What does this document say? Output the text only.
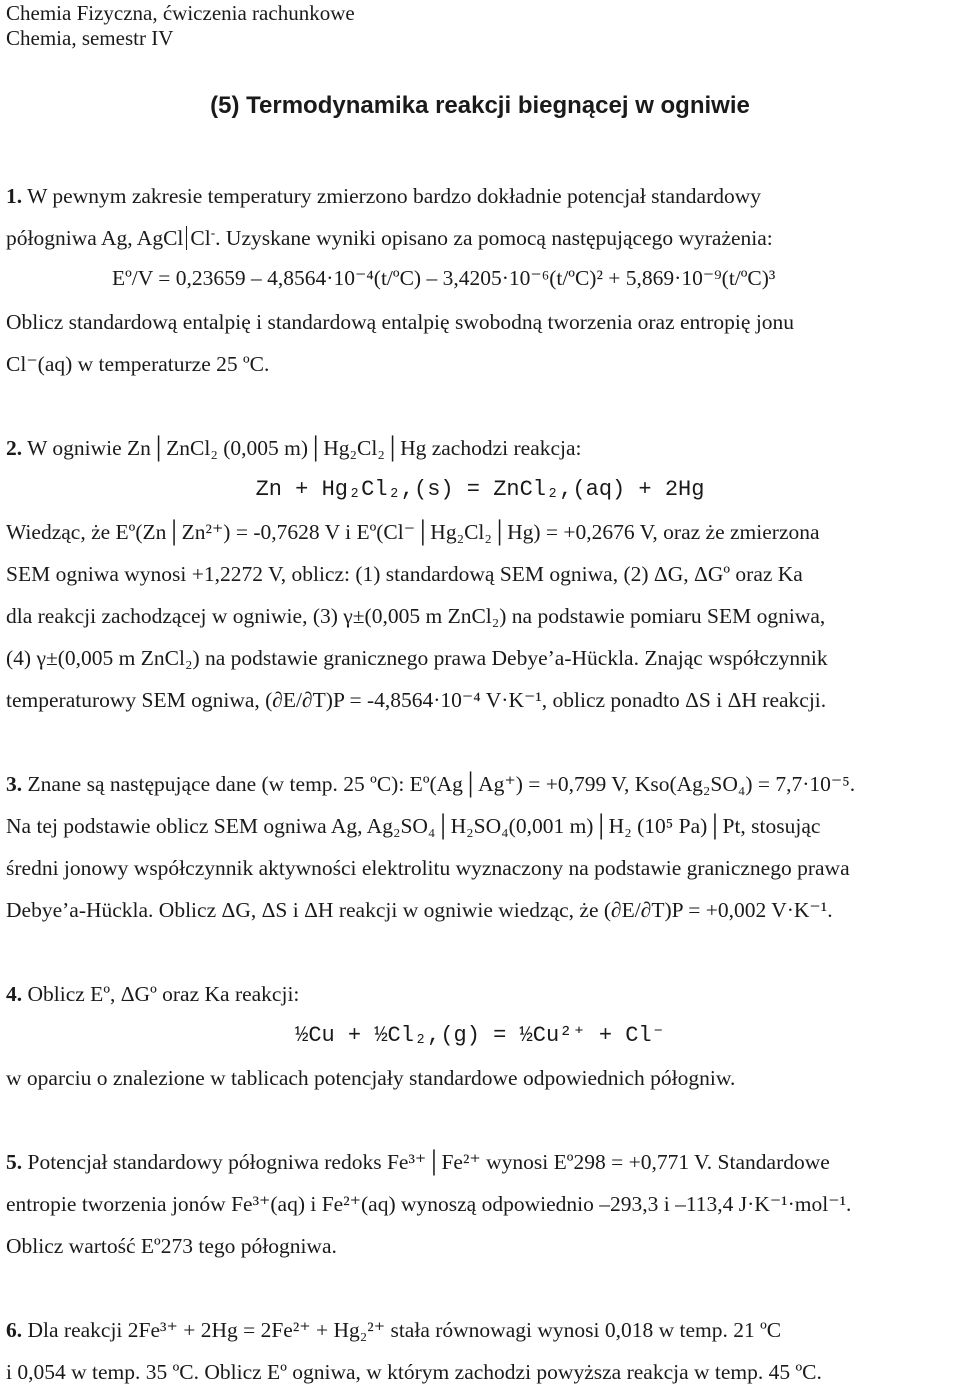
Chemia Fizyczna, ćwiczenia rachunkowe
Chemia, semestr IV
(5) Termodynamika reakcji biegnącej w ogniwie
1. W pewnym zakresie temperatury zmierzono bardzo dokładnie potencjał standardowy
półogniwa Ag, AgCl Cl-. Uzyskane wyniki opisano za pomocą następującego wyrażenia:
Eº/V = 0,23659 – 4,8564·10⁻⁴(t/ºC) – 3,4205·10⁻⁶(t/ºC)² + 5,869·10⁻⁹(t/ºC)³
Oblicz standardową entalpię i standardową entalpię swobodną tworzenia oraz entropię jonu
Cl⁻(aq) w temperaturze 25 ºC.
2. W ogniwie Zn│ZnCl₂ (0,005 m)│Hg₂Cl₂│Hg zachodzi reakcja:
Zn + Hg₂Cl₂,(s) = ZnCl₂,(aq) + 2Hg
Wiedząc, że Eº(Zn│Zn²⁺) = -0,7628 V i Eº(Cl⁻│Hg₂Cl₂│Hg) = +0,2676 V, oraz że zmierzona
SEM ogniwa wynosi +1,2272 V, oblicz: (1) standardową SEM ogniwa, (2) ΔG, ΔGº oraz Ka
dla reakcji zachodzącej w ogniwie, (3) γ±(0,005 m ZnCl₂) na podstawie pomiaru SEM ogniwa,
(4) γ±(0,005 m ZnCl₂) na podstawie granicznego prawa Debye’a-Hückla. Znając współczynnik
temperaturowy SEM ogniwa, (∂E/∂T)P = -4,8564·10⁻⁴ V·K⁻¹, oblicz ponadto ΔS i ΔH reakcji.
3. Znane są następujące dane (w temp. 25 ºC): Eº(Ag│Ag⁺) = +0,799 V, Kso(Ag₂SO₄) = 7,7·10⁻⁵.
Na tej podstawie oblicz SEM ogniwa Ag, Ag₂SO₄│H₂SO₄(0,001 m)│H₂ (10⁵ Pa)│Pt, stosując
średni jonowy współczynnik aktywności elektrolitu wyznaczony na podstawie granicznego prawa
Debye’a-Hückla. Oblicz ΔG, ΔS i ΔH reakcji w ogniwie wiedząc, że (∂E/∂T)P = +0,002 V·K⁻¹.
4. Oblicz Eº, ΔGº oraz Ka reakcji:
½Cu + ½Cl₂,(g) = ½Cu²⁺ + Cl⁻
w oparciu o znalezione w tablicach potencjały standardowe odpowiednich półogniw.
5. Potencjał standardowy półogniwa redoks Fe³⁺│Fe²⁺ wynosi Eº298 = +0,771 V. Standardowe
entropie tworzenia jonów Fe³⁺(aq) i Fe²⁺(aq) wynoszą odpowiednio –293,3 i –113,4 J·K⁻¹·mol⁻¹.
Oblicz wartość Eº273 tego półogniwa.
6. Dla reakcji 2Fe³⁺ + 2Hg = 2Fe²⁺ + Hg₂²⁺ stała równowagi wynosi 0,018 w temp. 21 ºC
i 0,054 w temp. 35 ºC. Oblicz Eº ogniwa, w którym zachodzi powyższa reakcja w temp. 45 ºC.
